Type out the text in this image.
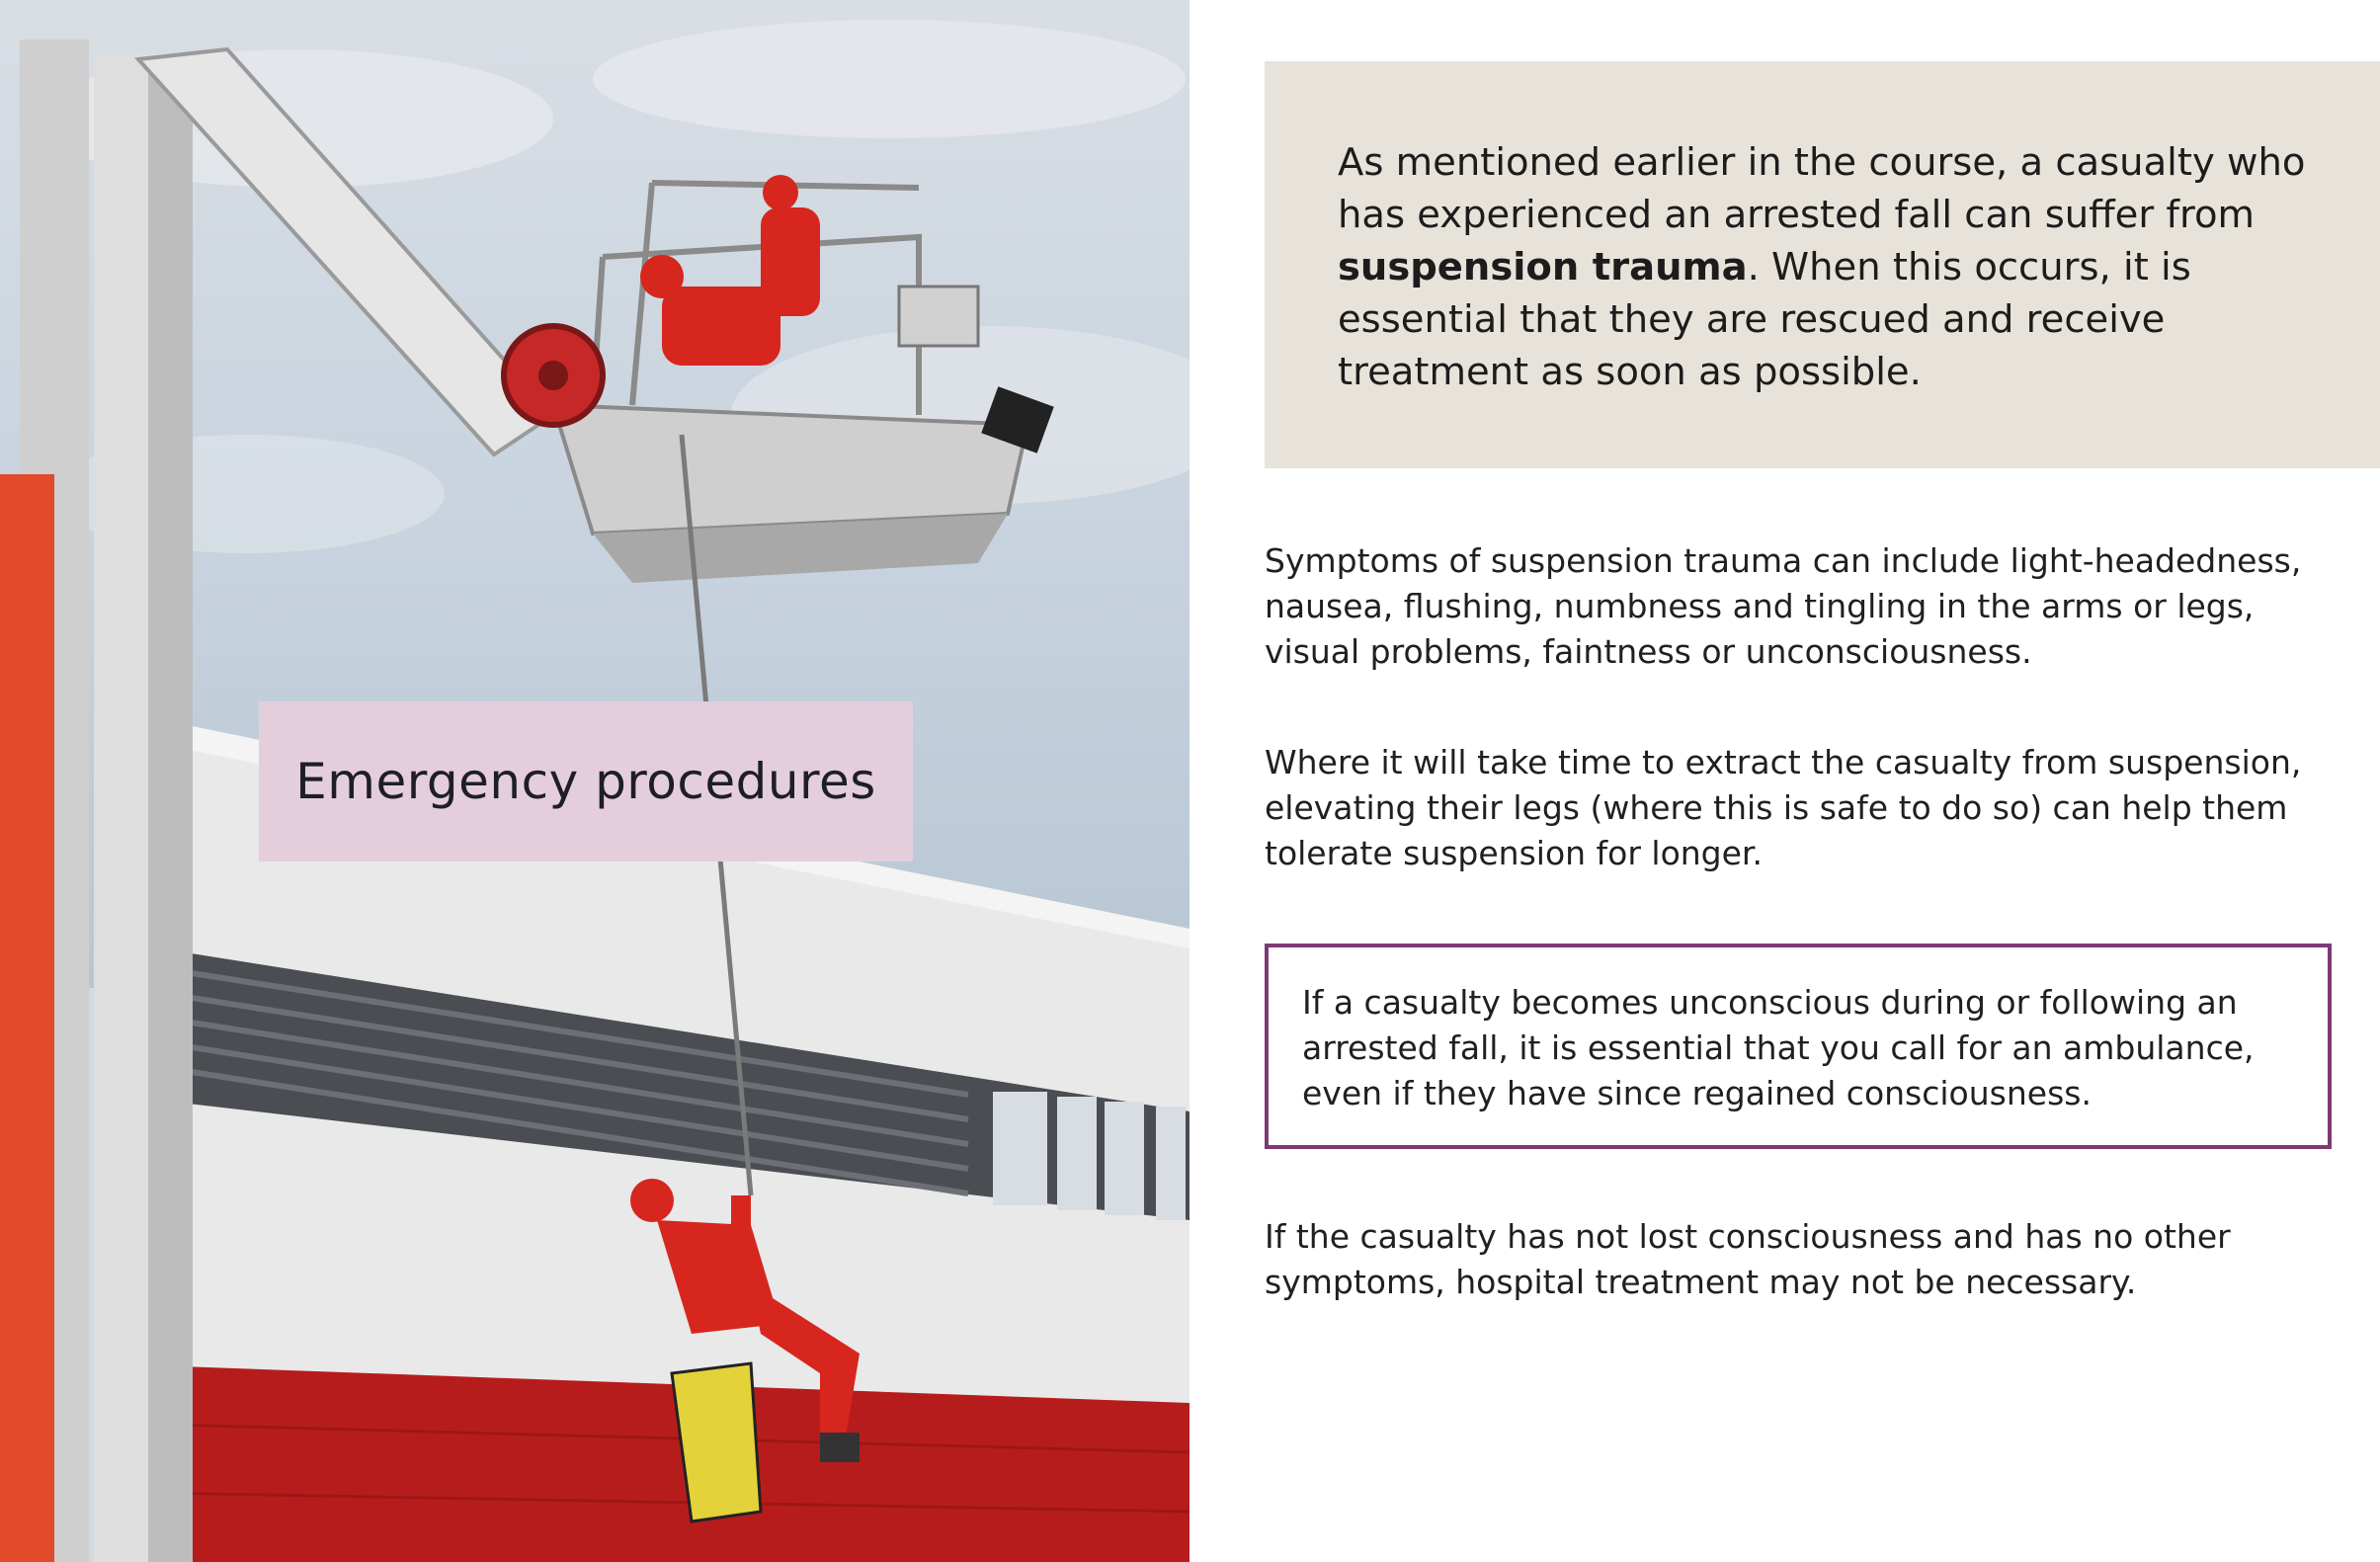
Emergency procedures

As mentioned earlier in the course, a casualty who has experienced an arrested fall can suffer from suspension trauma. When this occurs, it is essential that they are rescued and receive treatment as soon as possible.

Symptoms of suspension trauma can include light-headedness, nausea, flushing, numbness and tingling in the arms or legs, visual problems, faintness or unconsciousness.

Where it will take time to extract the casualty from suspension, elevating their legs (where this is safe to do so) can help them tolerate suspension for longer.

If a casualty becomes unconscious during or following an arrested fall, it is essential that you call for an ambulance, even if they have since regained consciousness.

If the casualty has not lost consciousness and has no other symptoms, hospital treatment may not be necessary.
